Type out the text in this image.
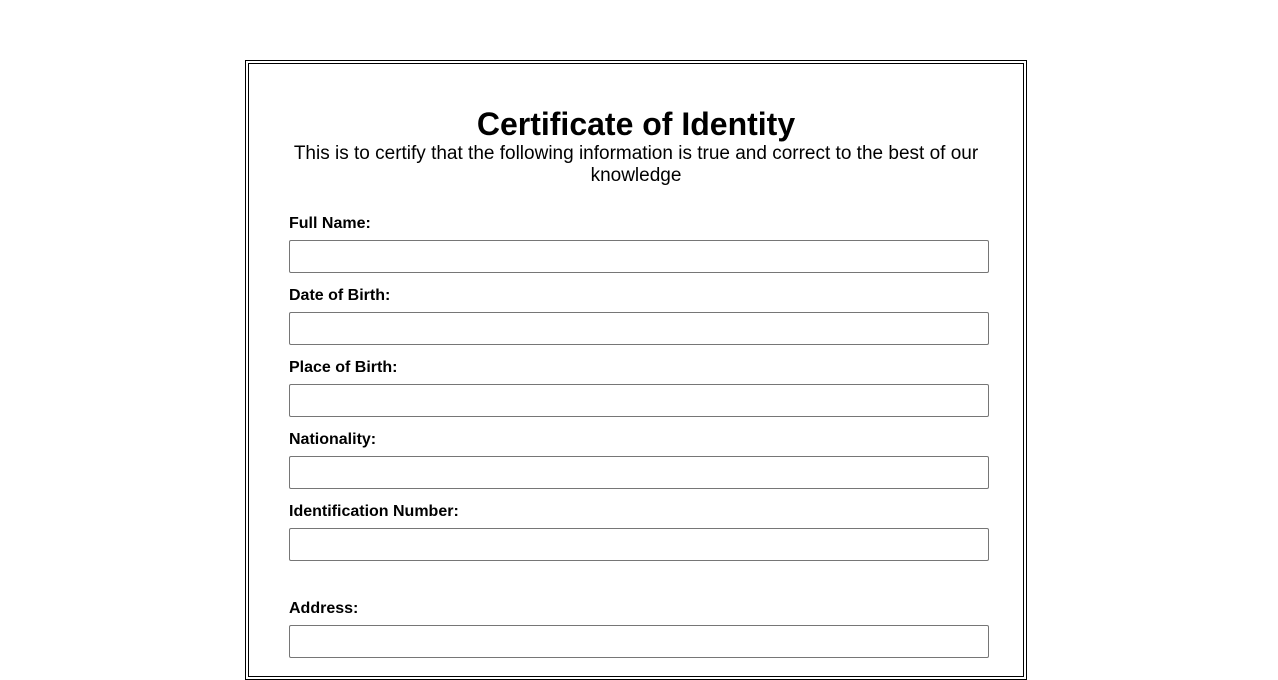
Certificate of Identity

This is to certify that the following information is true and correct to the best of our knowledge

Full Name:
Date of Birth:
Place of Birth:
Nationality:
Identification Number:
Address:
